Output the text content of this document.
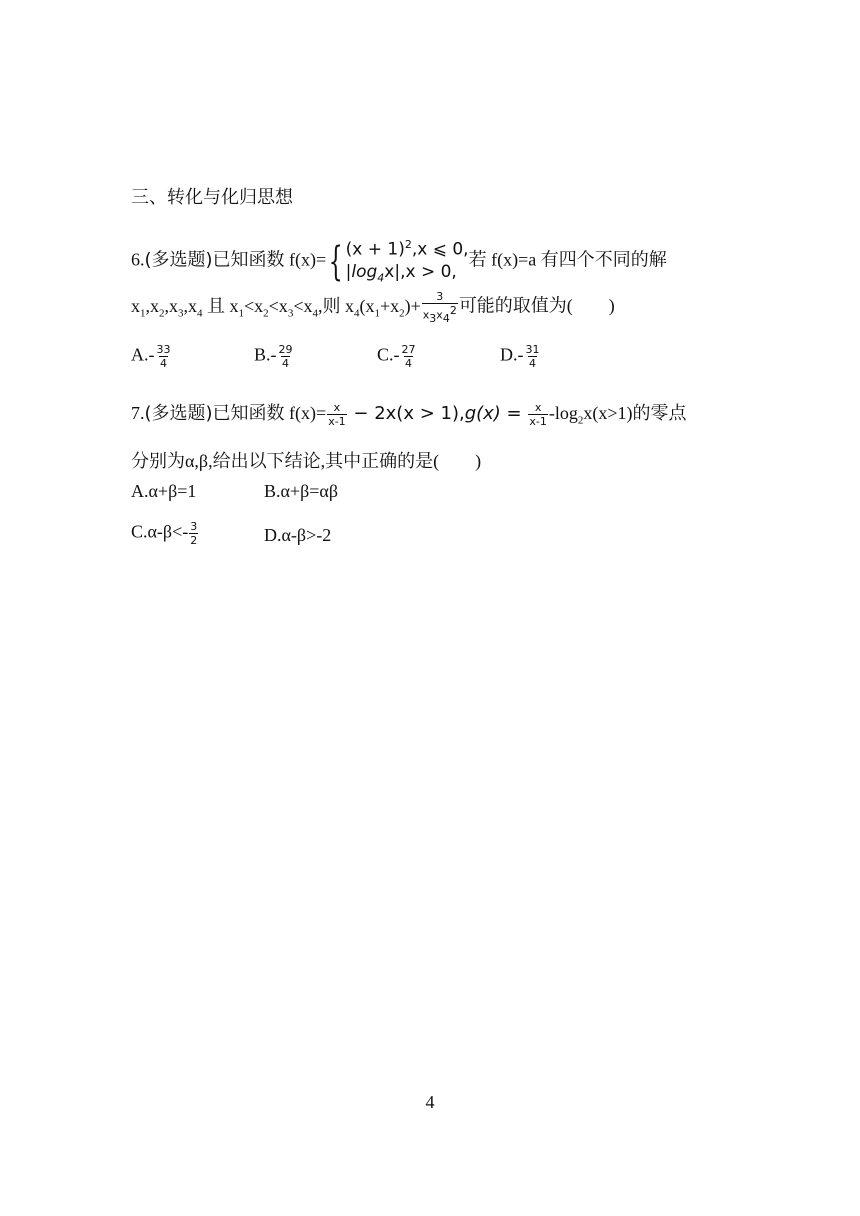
三、转化与化归思想
6.(多选题)已知函数 f(x)={ $(x + 1)^2,x$ ⩽ 0,
$|\log_4x|,x > 0$,
若 f(x)=a 有四个不同的解
$x_1,x_2,x_3,x_4$ 且 $x_1<x_2<x_3<x_4$,则 $x_4(x_1+x_2)+ \frac{3}{x_3x_4^2}$ 可能的取值为(　　)
$A.- \frac{33}{4}$	$B.- \frac{29}{4}$	$C.- \frac{27}{4}$	$D.- \frac{31}{4}$
7.(多选题)已知函数 $f(x)= \frac{x}{x-1} - 2x(x > 1),g(x) = \frac{x}{x-1} -\log_2x(x>1)$的零点
分别为α,β,给出以下结论,其中正确的是(　　)
A.α+β=1	B.α+β=αβ
$C.\alpha-\beta<- \frac{3}{2}$	D.α-β>-2
4
